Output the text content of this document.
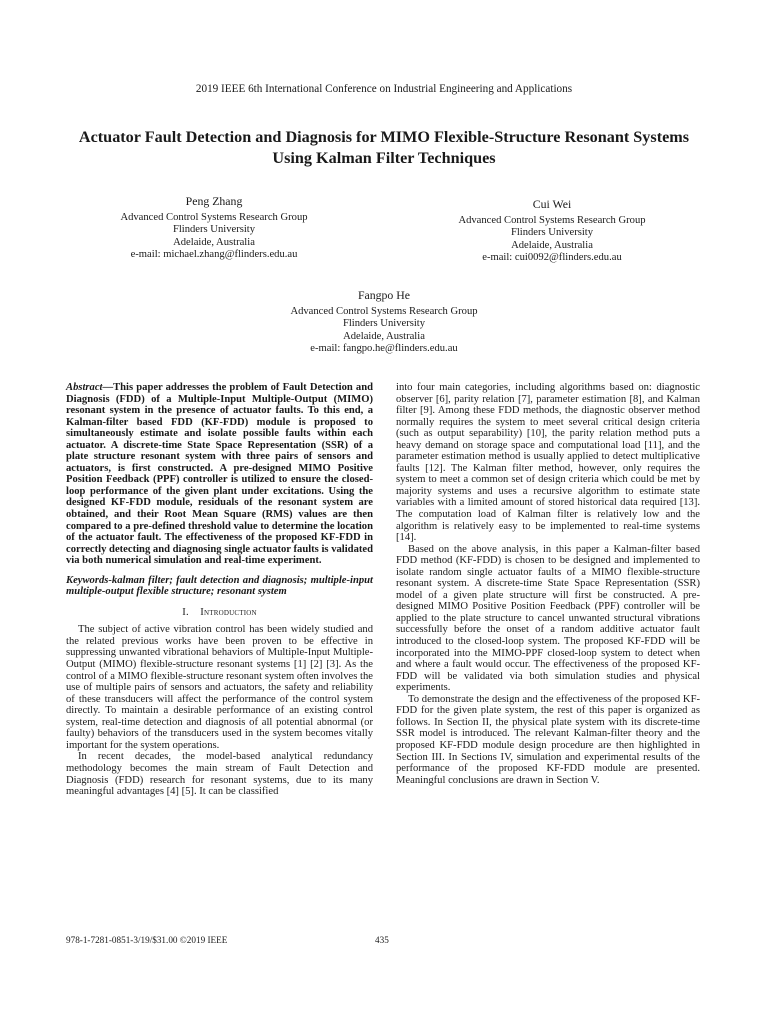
2019 IEEE 6th International Conference on Industrial Engineering and Applications
Actuator Fault Detection and Diagnosis for MIMO Flexible-Structure Resonant Systems Using Kalman Filter Techniques
Peng Zhang
Advanced Control Systems Research Group
Flinders University
Adelaide, Australia
e-mail: michael.zhang@flinders.edu.au
Cui Wei
Advanced Control Systems Research Group
Flinders University
Adelaide, Australia
e-mail: cui0092@flinders.edu.au
Fangpo He
Advanced Control Systems Research Group
Flinders University
Adelaide, Australia
e-mail: fangpo.he@flinders.edu.au

Abstract—This paper addresses the problem of Fault Detection and Diagnosis (FDD) of a Multiple-Input Multiple-Output (MIMO) resonant system in the presence of actuator faults. To this end, a Kalman-filter based FDD (KF-FDD) module is proposed to simultaneously estimate and isolate possible faults within each actuator. A discrete-time State Space Representation (SSR) of a plate structure resonant system with three pairs of sensors and actuators, is first constructed. A pre-designed MIMO Positive Position Feedback (PPF) controller is utilized to ensure the closed-loop performance of the given plant under excitations. Using the designed KF-FDD module, residuals of the resonant system are obtained, and their Root Mean Square (RMS) values are then compared to a pre-defined threshold value to determine the location of the actuator fault. The effectiveness of the proposed KF-FDD in correctly detecting and diagnosing single actuator faults is validated via both numerical simulation and real-time experiment.

Keywords-kalman filter; fault detection and diagnosis; multiple-input multiple-output flexible structure; resonant system

I. Introduction

The subject of active vibration control has been widely studied and the related previous works have been proven to be effective in suppressing unwanted vibrational behaviors of Multiple-Input Multiple-Output (MIMO) flexible-structure resonant systems [1] [2] [3]. As the control of a MIMO flexible-structure resonant system often involves the use of multiple pairs of sensors and actuators, the safety and reliability of these transducers will affect the performance of the control system directly. To maintain a desirable performance of an existing control system, real-time detection and diagnosis of all potential abnormal (or faulty) behaviors of the transducers used in the system becomes vitally important for the system operations.

In recent decades, the model-based analytical redundancy methodology becomes the main stream of Fault Detection and Diagnosis (FDD) research for resonant systems, due to its many meaningful advantages [4] [5]. It can be classified

into four main categories, including algorithms based on: diagnostic observer [6], parity relation [7], parameter estimation [8], and Kalman filter [9]. Among these FDD methods, the diagnostic observer method normally requires the system to meet several critical design criteria (such as output separability) [10], the parity relation method puts a heavy demand on storage space and computational load [11], and the parameter estimation method is usually applied to detect multiplicative faults [12]. The Kalman filter method, however, only requires the system to meet a common set of design criteria which could be met by majority systems and uses a recursive algorithm to estimate state variables with a limited amount of stored historical data required [13]. The computation load of Kalman filter is relatively low and the algorithm is relatively easy to be implemented to real-time systems [14].

Based on the above analysis, in this paper a Kalman-filter based FDD method (KF-FDD) is chosen to be designed and implemented to isolate random single actuator faults of a MIMO flexible-structure resonant system. A discrete-time State Space Representation (SSR) model of a given plate structure will first be constructed. A pre-designed MIMO Positive Position Feedback (PPF) controller will be applied to the plate structure to cancel unwanted structural vibrations successfully before the onset of a random additive actuator fault introduced to the closed-loop system. The proposed KF-FDD will be incorporated into the MIMO-PPF closed-loop system to detect when and where a fault would occur. The effectiveness of the proposed KF-FDD will be validated via both simulation studies and physical experiments.

To demonstrate the design and the effectiveness of the proposed KF-FDD for the given plate system, the rest of this paper is organized as follows. In Section II, the physical plate system with its discrete-time SSR model is introduced. The relevant Kalman-filter theory and the proposed KF-FDD module design procedure are then highlighted in Section III. In Sections IV, simulation and experimental results of the performance of the proposed KF-FDD module are presented. Meaningful conclusions are drawn in Section V.

978-1-7281-0851-3/19/$31.00 ©2019 IEEE	435
